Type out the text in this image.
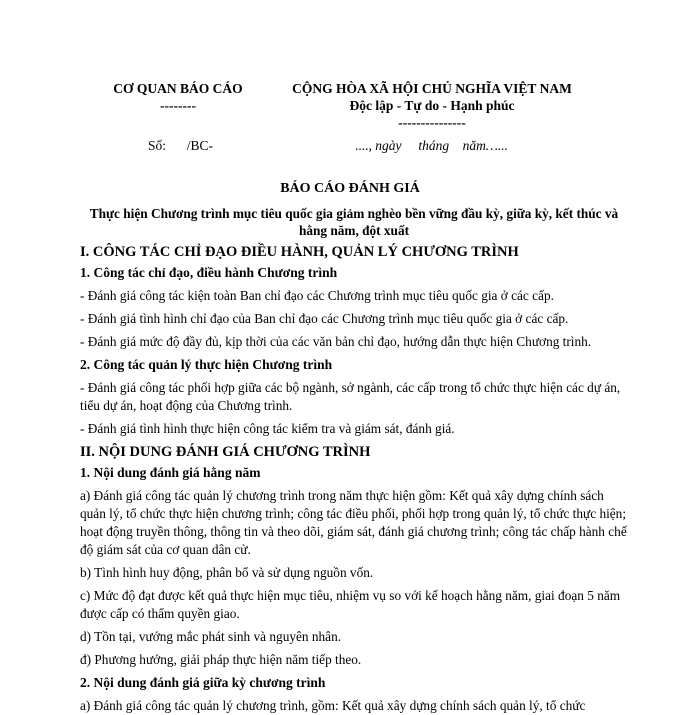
CƠ QUAN BÁO CÁO
--------
CỘNG HÒA XÃ HỘI CHỦ NGHĨA VIỆT NAM
Độc lập - Tự do - Hạnh phúc
---------------
Số: /BC-	...., ngày     tháng    năm…...
BÁO CÁO ĐÁNH GIÁ
Thực hiện Chương trình mục tiêu quốc gia giảm nghèo bền vững đầu kỳ, giữa kỳ, kết thúc và hằng năm, đột xuất

I. CÔNG TÁC CHỈ ĐẠO ĐIỀU HÀNH, QUẢN LÝ CHƯƠNG TRÌNH

1. Công tác chỉ đạo, điều hành Chương trình

- Đánh giá công tác kiện toàn Ban chỉ đạo các Chương trình mục tiêu quốc gia ở các cấp.

- Đánh giá tình hình chỉ đạo của Ban chỉ đạo các Chương trình mục tiêu quốc gia ở các cấp.

- Đánh giá mức độ đầy đủ, kịp thời của các văn bản chỉ đạo, hướng dẫn thực hiện Chương trình.

2. Công tác quản lý thực hiện Chương trình

- Đánh giá công tác phối hợp giữa các bộ ngành, sở ngành, các cấp trong tổ chức thực hiện các dự án, tiểu dự án, hoạt động của Chương trình.

- Đánh giá tình hình thực hiện công tác kiểm tra và giám sát, đánh giá.

II. NỘI DUNG ĐÁNH GIÁ CHƯƠNG TRÌNH

1. Nội dung đánh giá hằng năm

a) Đánh giá công tác quản lý chương trình trong năm thực hiện gồm: Kết quả xây dựng chính sách quản lý, tổ chức thực hiện chương trình; công tác điều phối, phối hợp trong quản lý, tổ chức thực hiện; hoạt động truyền thông, thông tin và theo dõi, giám sát, đánh giá chương trình; công tác chấp hành chế độ giám sát của cơ quan dân cử.

b) Tình hình huy động, phân bổ và sử dụng nguồn vốn.

c) Mức độ đạt được kết quả thực hiện mục tiêu, nhiệm vụ so với kế hoạch hằng năm, giai đoạn 5 năm được cấp có thẩm quyền giao.

d) Tồn tại, vướng mắc phát sinh và nguyên nhân.

đ) Phương hướng, giải pháp thực hiện năm tiếp theo.

2. Nội dung đánh giá giữa kỳ chương trình

a) Đánh giá công tác quản lý chương trình, gồm: Kết quả xây dựng chính sách quản lý, tổ chức
